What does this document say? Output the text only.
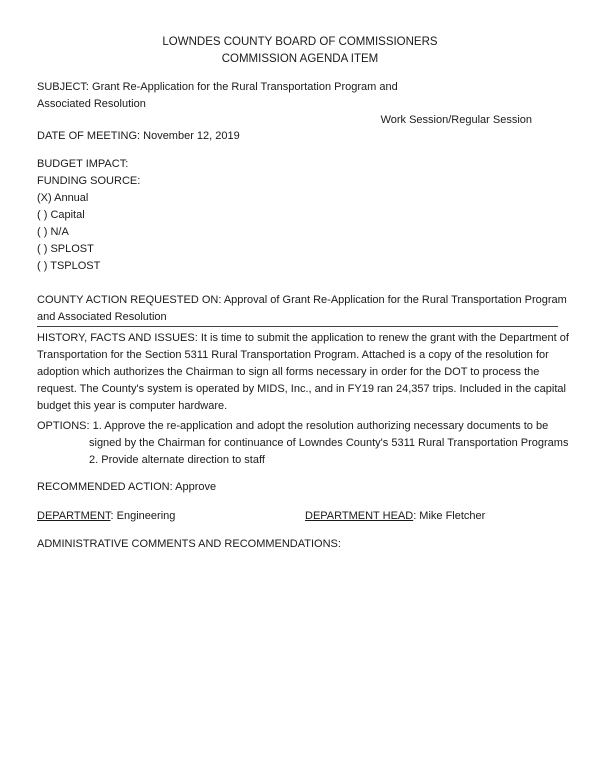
LOWNDES COUNTY BOARD OF COMMISSIONERS
COMMISSION AGENDA ITEM
SUBJECT: Grant Re-Application for the Rural Transportation Program and
Associated Resolution
Work Session/Regular Session
DATE OF MEETING: November 12, 2019
BUDGET IMPACT:
FUNDING SOURCE:
(X) Annual
( ) Capital
( ) N/A
( ) SPLOST
( ) TSPLOST
COUNTY ACTION REQUESTED ON: Approval of Grant Re-Application for the Rural Transportation Program
and Associated Resolution
HISTORY, FACTS AND ISSUES: It is time to submit the application to renew the grant with the Department of
Transportation for the Section 5311 Rural Transportation Program. Attached is a copy of the resolution for
adoption which authorizes the Chairman to sign all forms necessary in order for the DOT to process the
request. The County's system is operated by MIDS, Inc., and in FY19 ran 24,357 trips. Included in the capital
budget this year is computer hardware.
OPTIONS: 1. Approve the re-application and adopt the resolution authorizing necessary documents to be
signed by the Chairman for continuance of Lowndes County's 5311 Rural Transportation Programs
2. Provide alternate direction to staff
RECOMMENDED ACTION: Approve
DEPARTMENT: Engineering	DEPARTMENT HEAD: Mike Fletcher
ADMINISTRATIVE COMMENTS AND RECOMMENDATIONS:
